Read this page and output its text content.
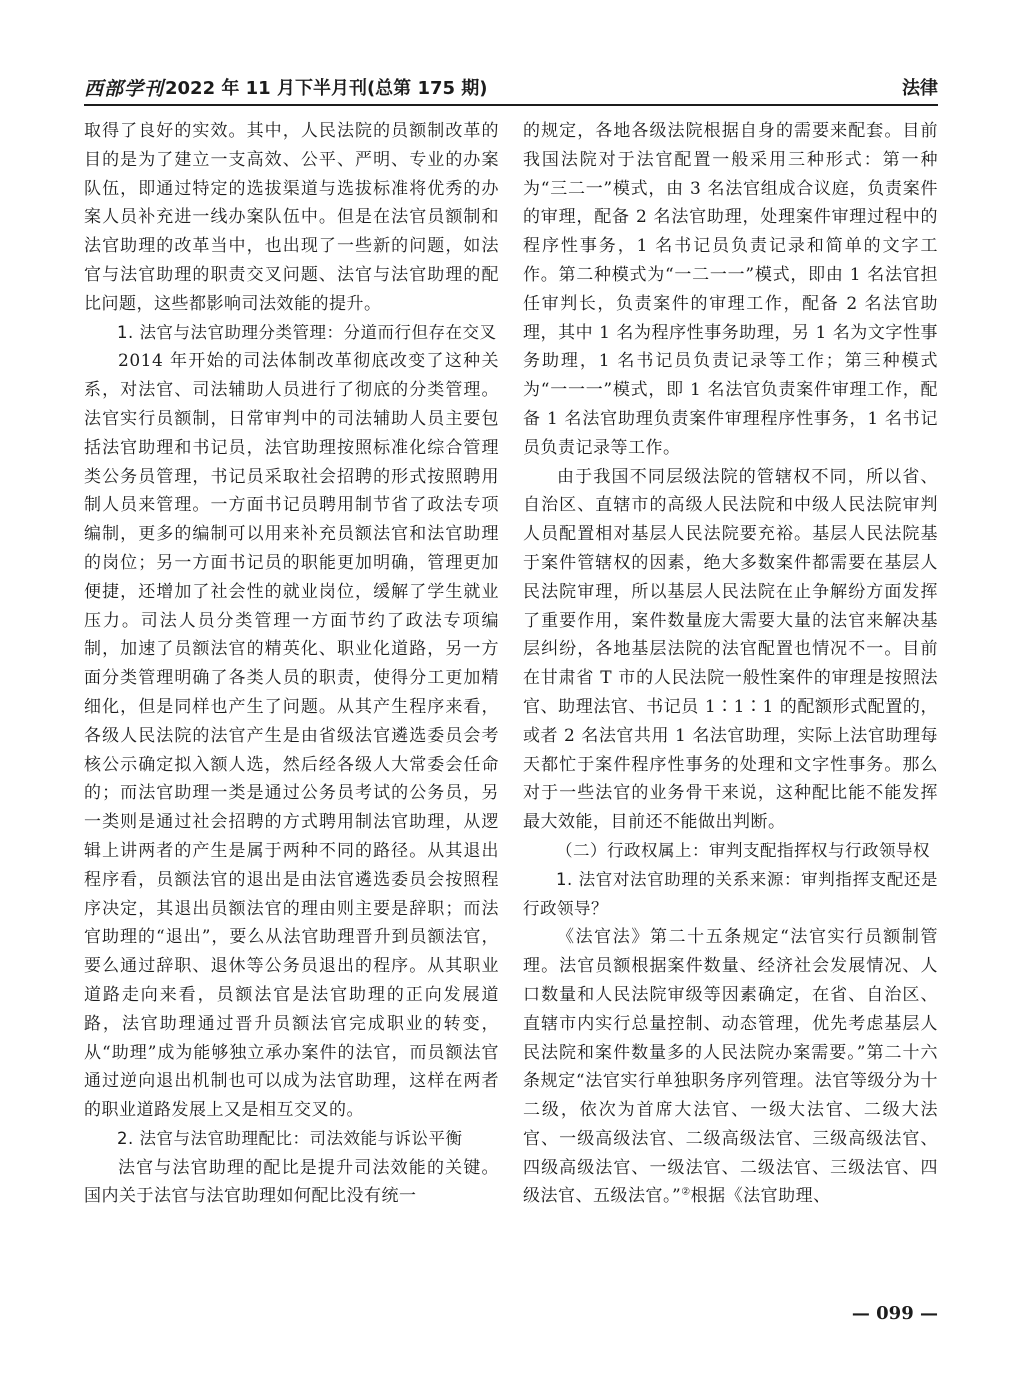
西部学刊 2022 年 11 月下半月刊(总第 175 期)	法律

取得了良好的实效。其中，人民法院的员额制改革的目的是为了建立一支高效、公平、严明、专业的办案队伍，即通过特定的选拔渠道与选拔标准将优秀的办案人员补充进一线办案队伍中。但是在法官员额制和法官助理的改革当中，也出现了一些新的问题，如法官与法官助理的职责交叉问题、法官与法官助理的配比问题，这些都影响司法效能的提升。

1. 法官与法官助理分类管理：分道而行但存在交叉

2014 年开始的司法体制改革彻底改变了这种关系，对法官、司法辅助人员进行了彻底的分类管理。法官实行员额制，日常审判中的司法辅助人员主要包括法官助理和书记员，法官助理按照标准化综合管理类公务员管理，书记员采取社会招聘的形式按照聘用制人员来管理。一方面书记员聘用制节省了政法专项编制，更多的编制可以用来补充员额法官和法官助理的岗位；另一方面书记员的职能更加明确，管理更加便捷，还增加了社会性的就业岗位，缓解了学生就业压力。司法人员分类管理一方面节约了政法专项编制，加速了员额法官的精英化、职业化道路，另一方面分类管理明确了各类人员的职责，使得分工更加精细化，但是同样也产生了问题。从其产生程序来看，各级人民法院的法官产生是由省级法官遴选委员会考核公示确定拟入额人选，然后经各级人大常委会任命的；而法官助理一类是通过公务员考试的公务员，另一类则是通过社会招聘的方式聘用制法官助理，从逻辑上讲两者的产生是属于两种不同的路径。从其退出程序看，员额法官的退出是由法官遴选委员会按照程序决定，其退出员额法官的理由则主要是辞职；而法官助理的“退出”，要么从法官助理晋升到员额法官，要么通过辞职、退休等公务员退出的程序。从其职业道路走向来看，员额法官是法官助理的正向发展道路，法官助理通过晋升员额法官完成职业的转变，从“助理”成为能够独立承办案件的法官，而员额法官通过逆向退出机制也可以成为法官助理，这样在两者的职业道路发展上又是相互交叉的。

2. 法官与法官助理配比：司法效能与诉讼平衡

法官与法官助理的配比是提升司法效能的关键。国内关于法官与法官助理如何配比没有统一

的规定，各地各级法院根据自身的需要来配套。目前我国法院对于法官配置一般采用三种形式：第一种为“三二一”模式，由 3 名法官组成合议庭，负责案件的审理，配备 2 名法官助理，处理案件审理过程中的程序性事务，1 名书记员负责记录和简单的文字工作。第二种模式为“一二一一”模式，即由 1 名法官担任审判长，负责案件的审理工作，配备 2 名法官助理，其中 1 名为程序性事务助理，另 1 名为文字性事务助理，1 名书记员负责记录等工作；第三种模式为“一一一”模式，即 1 名法官负责案件审理工作，配备 1 名法官助理负责案件审理程序性事务，1 名书记员负责记录等工作。

由于我国不同层级法院的管辖权不同，所以省、自治区、直辖市的高级人民法院和中级人民法院审判人员配置相对基层人民法院要充裕。基层人民法院基于案件管辖权的因素，绝大多数案件都需要在基层人民法院审理，所以基层人民法院在止争解纷方面发挥了重要作用，案件数量庞大需要大量的法官来解决基层纠纷，各地基层法院的法官配置也情况不一。目前在甘肃省 T 市的人民法院一般性案件的审理是按照法官、助理法官、书记员 1∶1∶1 的配额形式配置的，或者 2 名法官共用 1 名法官助理，实际上法官助理每天都忙于案件程序性事务的处理和文字性事务。那么对于一些法官的业务骨干来说，这种配比能不能发挥最大效能，目前还不能做出判断。

（二）行政权属上：审判支配指挥权与行政领导权

1. 法官对法官助理的关系来源：审判指挥支配还是行政领导？

《法官法》第二十五条规定“法官实行员额制管理。法官员额根据案件数量、经济社会发展情况、人口数量和人民法院审级等因素确定，在省、自治区、直辖市内实行总量控制、动态管理，优先考虑基层人民法院和案件数量多的人民法院办案需要。”第二十六条规定“法官实行单独职务序列管理。法官等级分为十二级，依次为首席大法官、一级大法官、二级大法官、一级高级法官、二级高级法官、三级高级法官、四级高级法官、一级法官、二级法官、三级法官、四级法官、五级法官。”②根据《法官助理、

— 099 —
